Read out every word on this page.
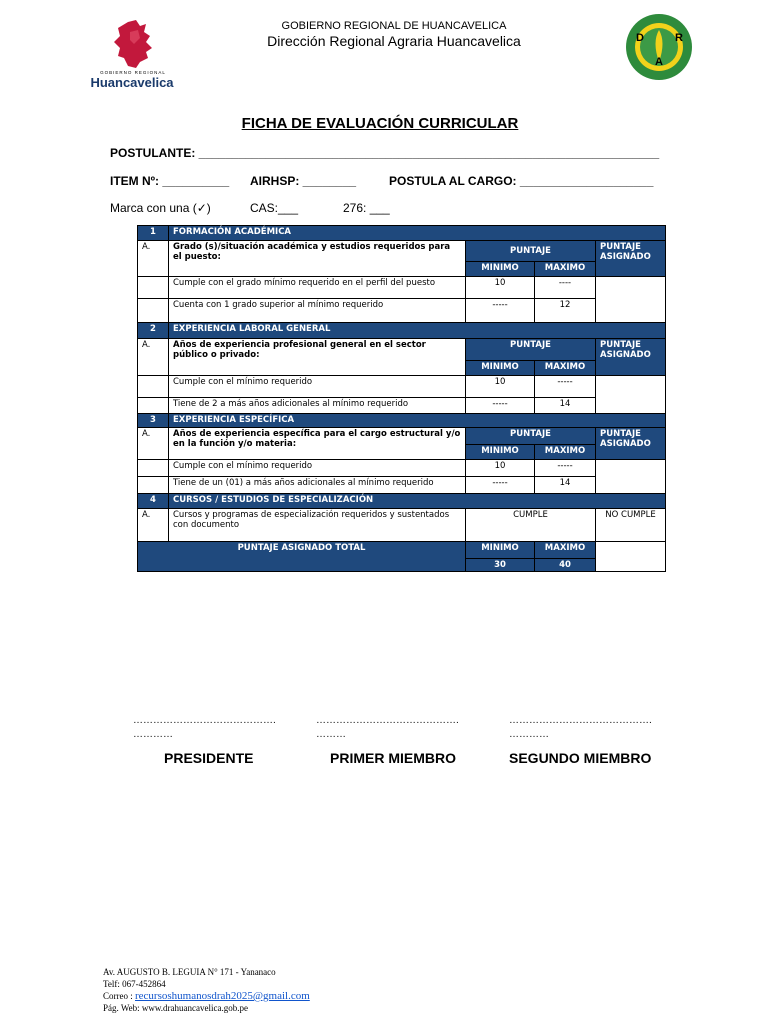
GOBIERNO REGIONAL
Huancavelica
GOBIERNO REGIONAL DE HUANCAVELICA
Dirección Regional Agraria Huancavelica	D	R
A
FICHA DE EVALUACIÓN CURRICULAR
POSTULANTE: _____________________________________________________________________
ITEM Nº: __________ AIRHSP: ________	POSTULA AL CARGO: ____________________
Marca con una (✓)	CAS:___	276: ___
1	FORMACIÓN ACADÉMICA			
A.	Grado (s)/situación académica y estudios requeridos para el puesto:	PUNTAJE		PUNTAJE ASIGNADO
		MINIMO	MAXIMO	
	Cumple con el grado mínimo requerido en el perfil del puesto	10	----	
	Cuenta con 1 grado superior al mínimo requerido	-----	12	
2	EXPERIENCIA LABORAL GENERAL			
A.	Años de experiencia profesional general en el sector público o privado:	PUNTAJE		PUNTAJE ASIGNADO
		MINIMO	MAXIMO	
	Cumple con el mínimo requerido	10	-----	
	Tiene de 2 a más años adicionales al mínimo requerido	-----	14	
3	EXPERIENCIA ESPECÍFICA			
A.	Años de experiencia específica para el cargo estructural y/o en la función y/o materia:	PUNTAJE		PUNTAJE ASIGNADO
		MINIMO	MAXIMO	
	Cumple con el mínimo requerido	10	-----	
	Tiene de un (01) a más años adicionales al mínimo requerido	-----	14	
4	CURSOS / ESTUDIOS DE ESPECIALIZACIÓN			
A.	Cursos y programas de especialización requeridos y sustentados con documento	CUMPLE		NO CUMPLE
PUNTAJE ASIGNADO TOTAL		MINIMO	MAXIMO	
		30	40	
…………………………………….
…………
…………………………………….
………
…………………………………….
…………
PRESIDENTE	PRIMER MIEMBRO	SEGUNDO MIEMBRO
Av. AUGUSTO B. LEGUIA N° 171 - Yananaco
Telf: 067-452864
Correo : recursoshumanosdrah2025@gmail.com
Pág. Web: www.drahuancavelica.gob.pe
